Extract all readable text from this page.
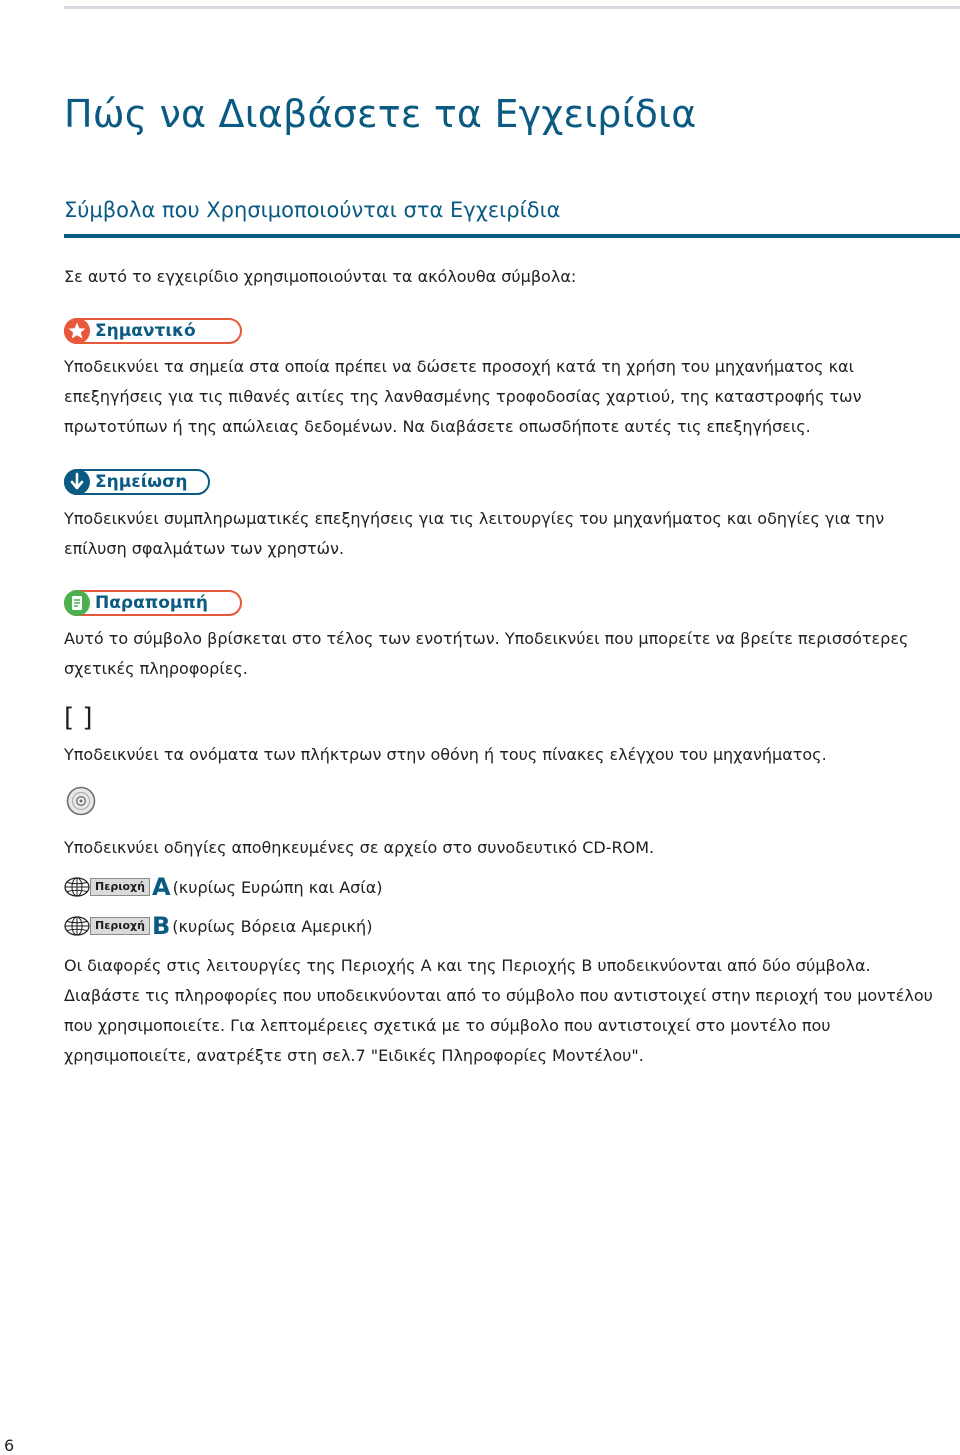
Πώς να Διαβάσετε τα Εγχειρίδια
Σύμβολα που Χρησιμοποιούνται στα Εγχειρίδια

Σε αυτό το εγχειρίδιο χρησιμοποιούνται τα ακόλουθα σύμβολα:

Σημαντικό

Υποδεικνύει τα σημεία στα οποία πρέπει να δώσετε προσοχή κατά τη χρήση του μηχανήματος και επεξηγήσεις για τις πιθανές αιτίες της λανθασμένης τροφοδοσίας χαρτιού, της καταστροφής των πρωτοτύπων ή της απώλειας δεδομένων. Να διαβάσετε οπωσδήποτε αυτές τις επεξηγήσεις.

Σημείωση

Υποδεικνύει συμπληρωματικές επεξηγήσεις για τις λειτουργίες του μηχανήματος και οδηγίες για την επίλυση σφαλμάτων των χρηστών.

Παραπομπή

Αυτό το σύμβολο βρίσκεται στο τέλος των ενοτήτων. Υποδεικνύει που μπορείτε να βρείτε περισσότερες σχετικές πληροφορίες.

[ ]

Υποδεικνύει τα ονόματα των πλήκτρων στην οθόνη ή τους πίνακες ελέγχου του μηχανήματος.

Υποδεικνύει οδηγίες αποθηκευμένες σε αρχείο στο συνοδευτικό CD-ROM.

Περιοχή A (κυρίως Ευρώπη και Ασία)
Περιοχή B (κυρίως Βόρεια Αμερική)

Οι διαφορές στις λειτουργίες της Περιοχής A και της Περιοχής B υποδεικνύονται από δύο σύμβολα. Διαβάστε τις πληροφορίες που υποδεικνύονται από το σύμβολο που αντιστοιχεί στην περιοχή του μοντέλου που χρησιμοποιείτε. Για λεπτομέρειες σχετικά με το σύμβολο που αντιστοιχεί στο μοντέλο που χρησιμοποιείτε, ανατρέξτε στη σελ.7 "Ειδικές Πληροφορίες Μοντέλου".

6
